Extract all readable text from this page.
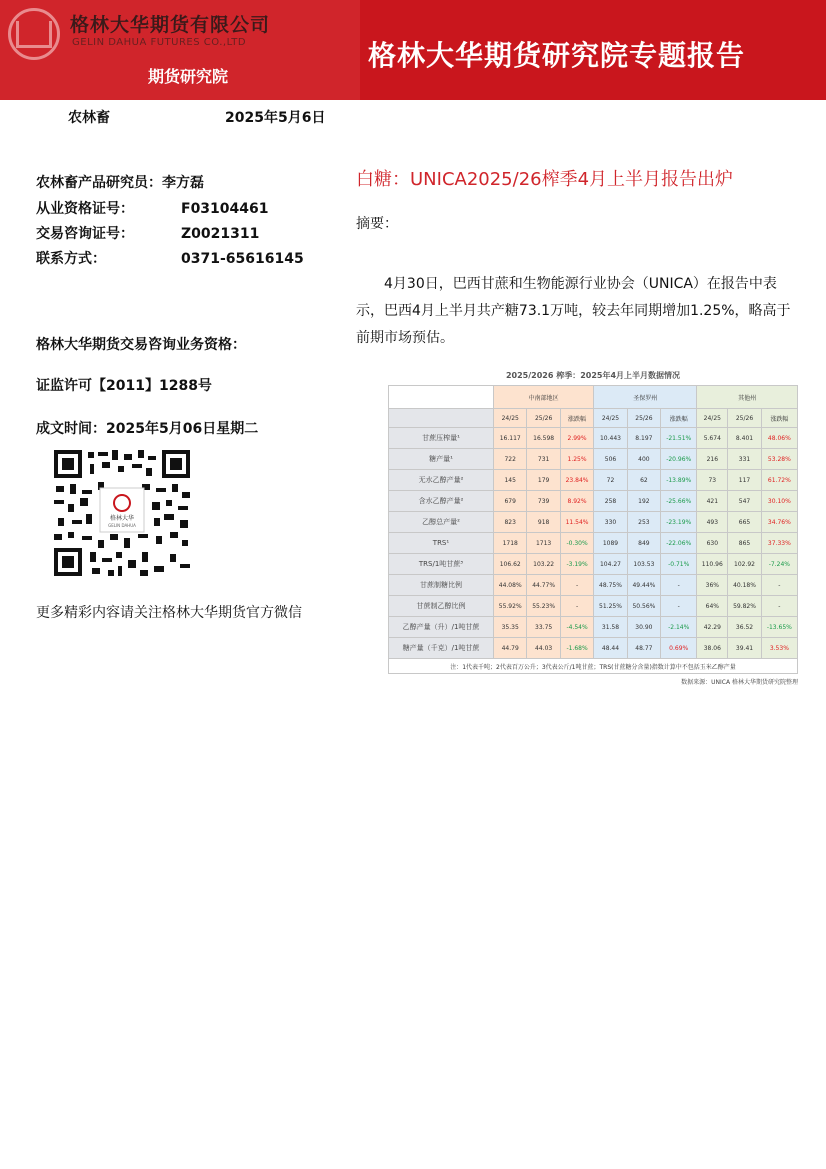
格林大华期货有限公司
GELIN DAHUA FUTURES CO.,LTD
期货研究院
格林大华期货研究院专题报告
农林畜	2025年5月6日
农林畜产品研究员：李方磊
从业资格证号：	F03104461
交易咨询证号：	Z0021311
联系方式：	0371-65616145
格林大华期货交易咨询业务资格：
证监许可【2011】1288号
成文时间：2025年5月06日星期二
格林大华
GELIN DAHUA
更多精彩内容请关注格林大华期货官方微信
白糖：UNICA2025/26榨季4月上半月报告出炉
摘要：
4月30日，巴西甘蔗和生物能源行业协会（UNICA）在报告中表示，巴西4月上半月共产糖73.1万吨，较去年同期增加1.25%，略高于前期市场预估。
2025/2026 榨季：2025年4月上半月数据情况
	中南部地区			圣保罗州			其他州		
	24/25	25/26	涨跌幅	24/25	25/26	涨跌幅	24/25	25/26	涨跌幅
甘蔗压榨量¹	16.117	16.598	2.99%	10.443	8.197	-21.51%	5.674	8.401	48.06%
糖产量¹	722	731	1.25%	506	400	-20.96%	216	331	53.28%
无水乙醇产量²	145	179	23.84%	72	62	-13.89%	73	117	61.72%
含水乙醇产量²	679	739	8.92%	258	192	-25.66%	421	547	30.10%
乙醇总产量²	823	918	11.54%	330	253	-23.19%	493	665	34.76%
TRS¹	1718	1713	-0.30%	1089	849	-22.06%	630	865	37.33%
TRS/1吨甘蔗³	106.62	103.22	-3.19%	104.27	103.53	-0.71%	110.96	102.92	-7.24%
甘蔗制糖比例	44.08%	44.77%	-	48.75%	49.44%	-	36%	40.18%	-
甘蔗制乙醇比例	55.92%	55.23%	-	51.25%	50.56%	-	64%	59.82%	-
乙醇产量（升）/1吨甘蔗	35.35	33.75	-4.54%	31.58	30.90	-2.14%	42.29	36.52	-13.65%
糖产量（千克）/1吨甘蔗	44.79	44.03	-1.68%	48.44	48.77	0.69%	38.06	39.41	3.53%
注：1代表千吨；2代表百万公升；3代表公斤/1吨甘蔗；TRS(甘蔗糖分含量)指数计算中不包括玉米乙醇产量									
数据来源：UNICA 格林大华期货研究院整理
